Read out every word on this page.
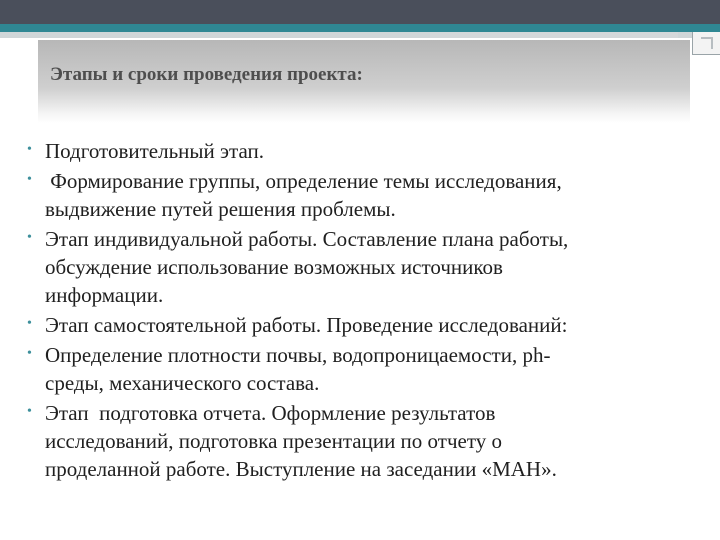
Этапы и сроки проведения проекта:
• Подготовительный этап.
• Формирование группы, определение темы исследования,
выдвижение путей решения проблемы.
• Этап индивидуальной работы. Составление плана работы,
обсуждение использование возможных источников
информации.
• Этап самостоятельной работы. Проведение исследований:
• Определение плотности почвы, водопроницаемости, ph-
среды, механического состава.
• Этап  подготовка отчета. Оформление результатов
исследований, подготовка презентации по отчету о
проделанной работе. Выступление на заседании «МАН».
